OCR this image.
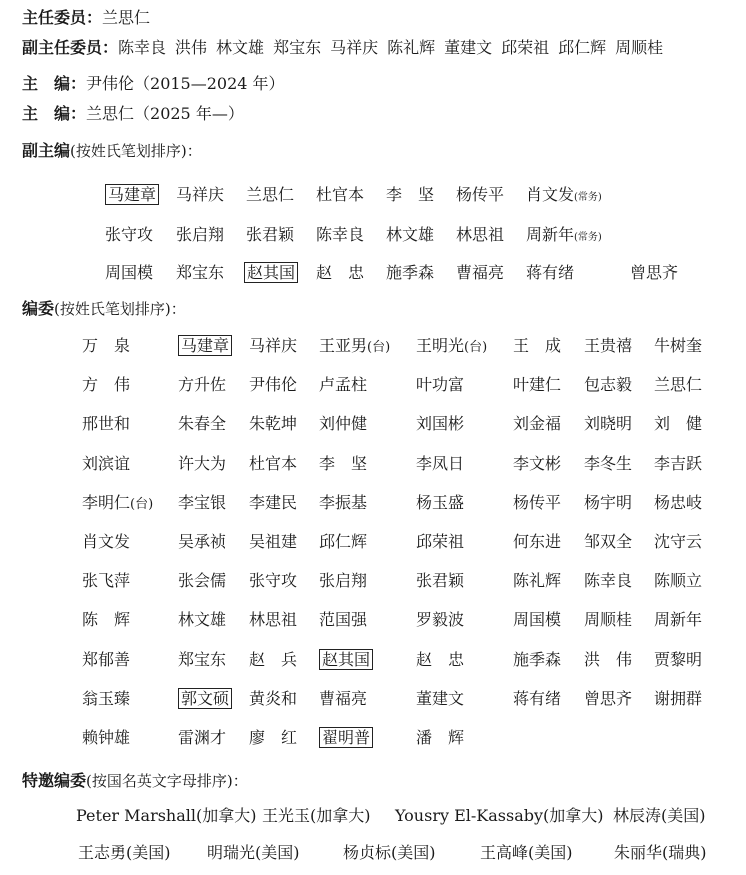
主任委员：兰思仁
副主任委员：陈幸良 洪伟 林文雄 郑宝东 马祥庆 陈礼辉 董建文 邱荣祖 邱仁辉 周顺桂
主　编：尹伟伦（2015—2024 年）
主　编：兰思仁（2025 年—）
副主编(按姓氏笔划排序)：
马建章 马祥庆 兰思仁 杜官本 李　坚 杨传平 肖文发(常务)
张守攻 张启翔 张君颖 陈幸良 林文雄 林思祖 周新年(常务)
周国模 郑宝东 赵其国 赵　忠 施季森 曹福亮 蒋有绪	曾思齐
编委(按姓氏笔划排序)：
万　泉	马建章 马祥庆 王亚男(台) 王明光(台) 王　成 王贵禧 牛树奎
方　伟	方升佐 尹伟伦 卢孟柱	叶功富	叶建仁 包志毅 兰思仁
邢世和	朱春全 朱乾坤 刘仲健	刘国彬	刘金福 刘晓明 刘　健
刘滨谊	许大为 杜官本 李　坚	李凤日	李文彬 李冬生 李吉跃
李明仁(台) 李宝银 李建民 李振基	杨玉盛	杨传平 杨宇明 杨忠岐
肖文发	吴承祯 吴祖建 邱仁辉	邱荣祖	何东进 邹双全 沈守云
张飞萍	张会儒 张守攻 张启翔	张君颖	陈礼辉 陈幸良 陈顺立
陈　辉	林文雄 林思祖 范国强	罗毅波	周国模 周顺桂 周新年
郑郁善	郑宝东 赵　兵 赵其国	赵　忠	施季森 洪　伟 贾黎明
翁玉臻	郭文硕 黄炎和 曹福亮	董建文	蒋有绪 曾思齐 谢拥群
赖钟雄	雷渊才 廖　红 翟明普	潘　辉
特邀编委(按国名英文字母排序)：
Peter Marshall(加拿大) 王光玉(加拿大) Yousry El-Kassaby(加拿大) 林辰涛(美国)
王志勇(美国) 明瑞光(美国)	杨贞标(美国)	王高峰(美国)	朱丽华(瑞典)
